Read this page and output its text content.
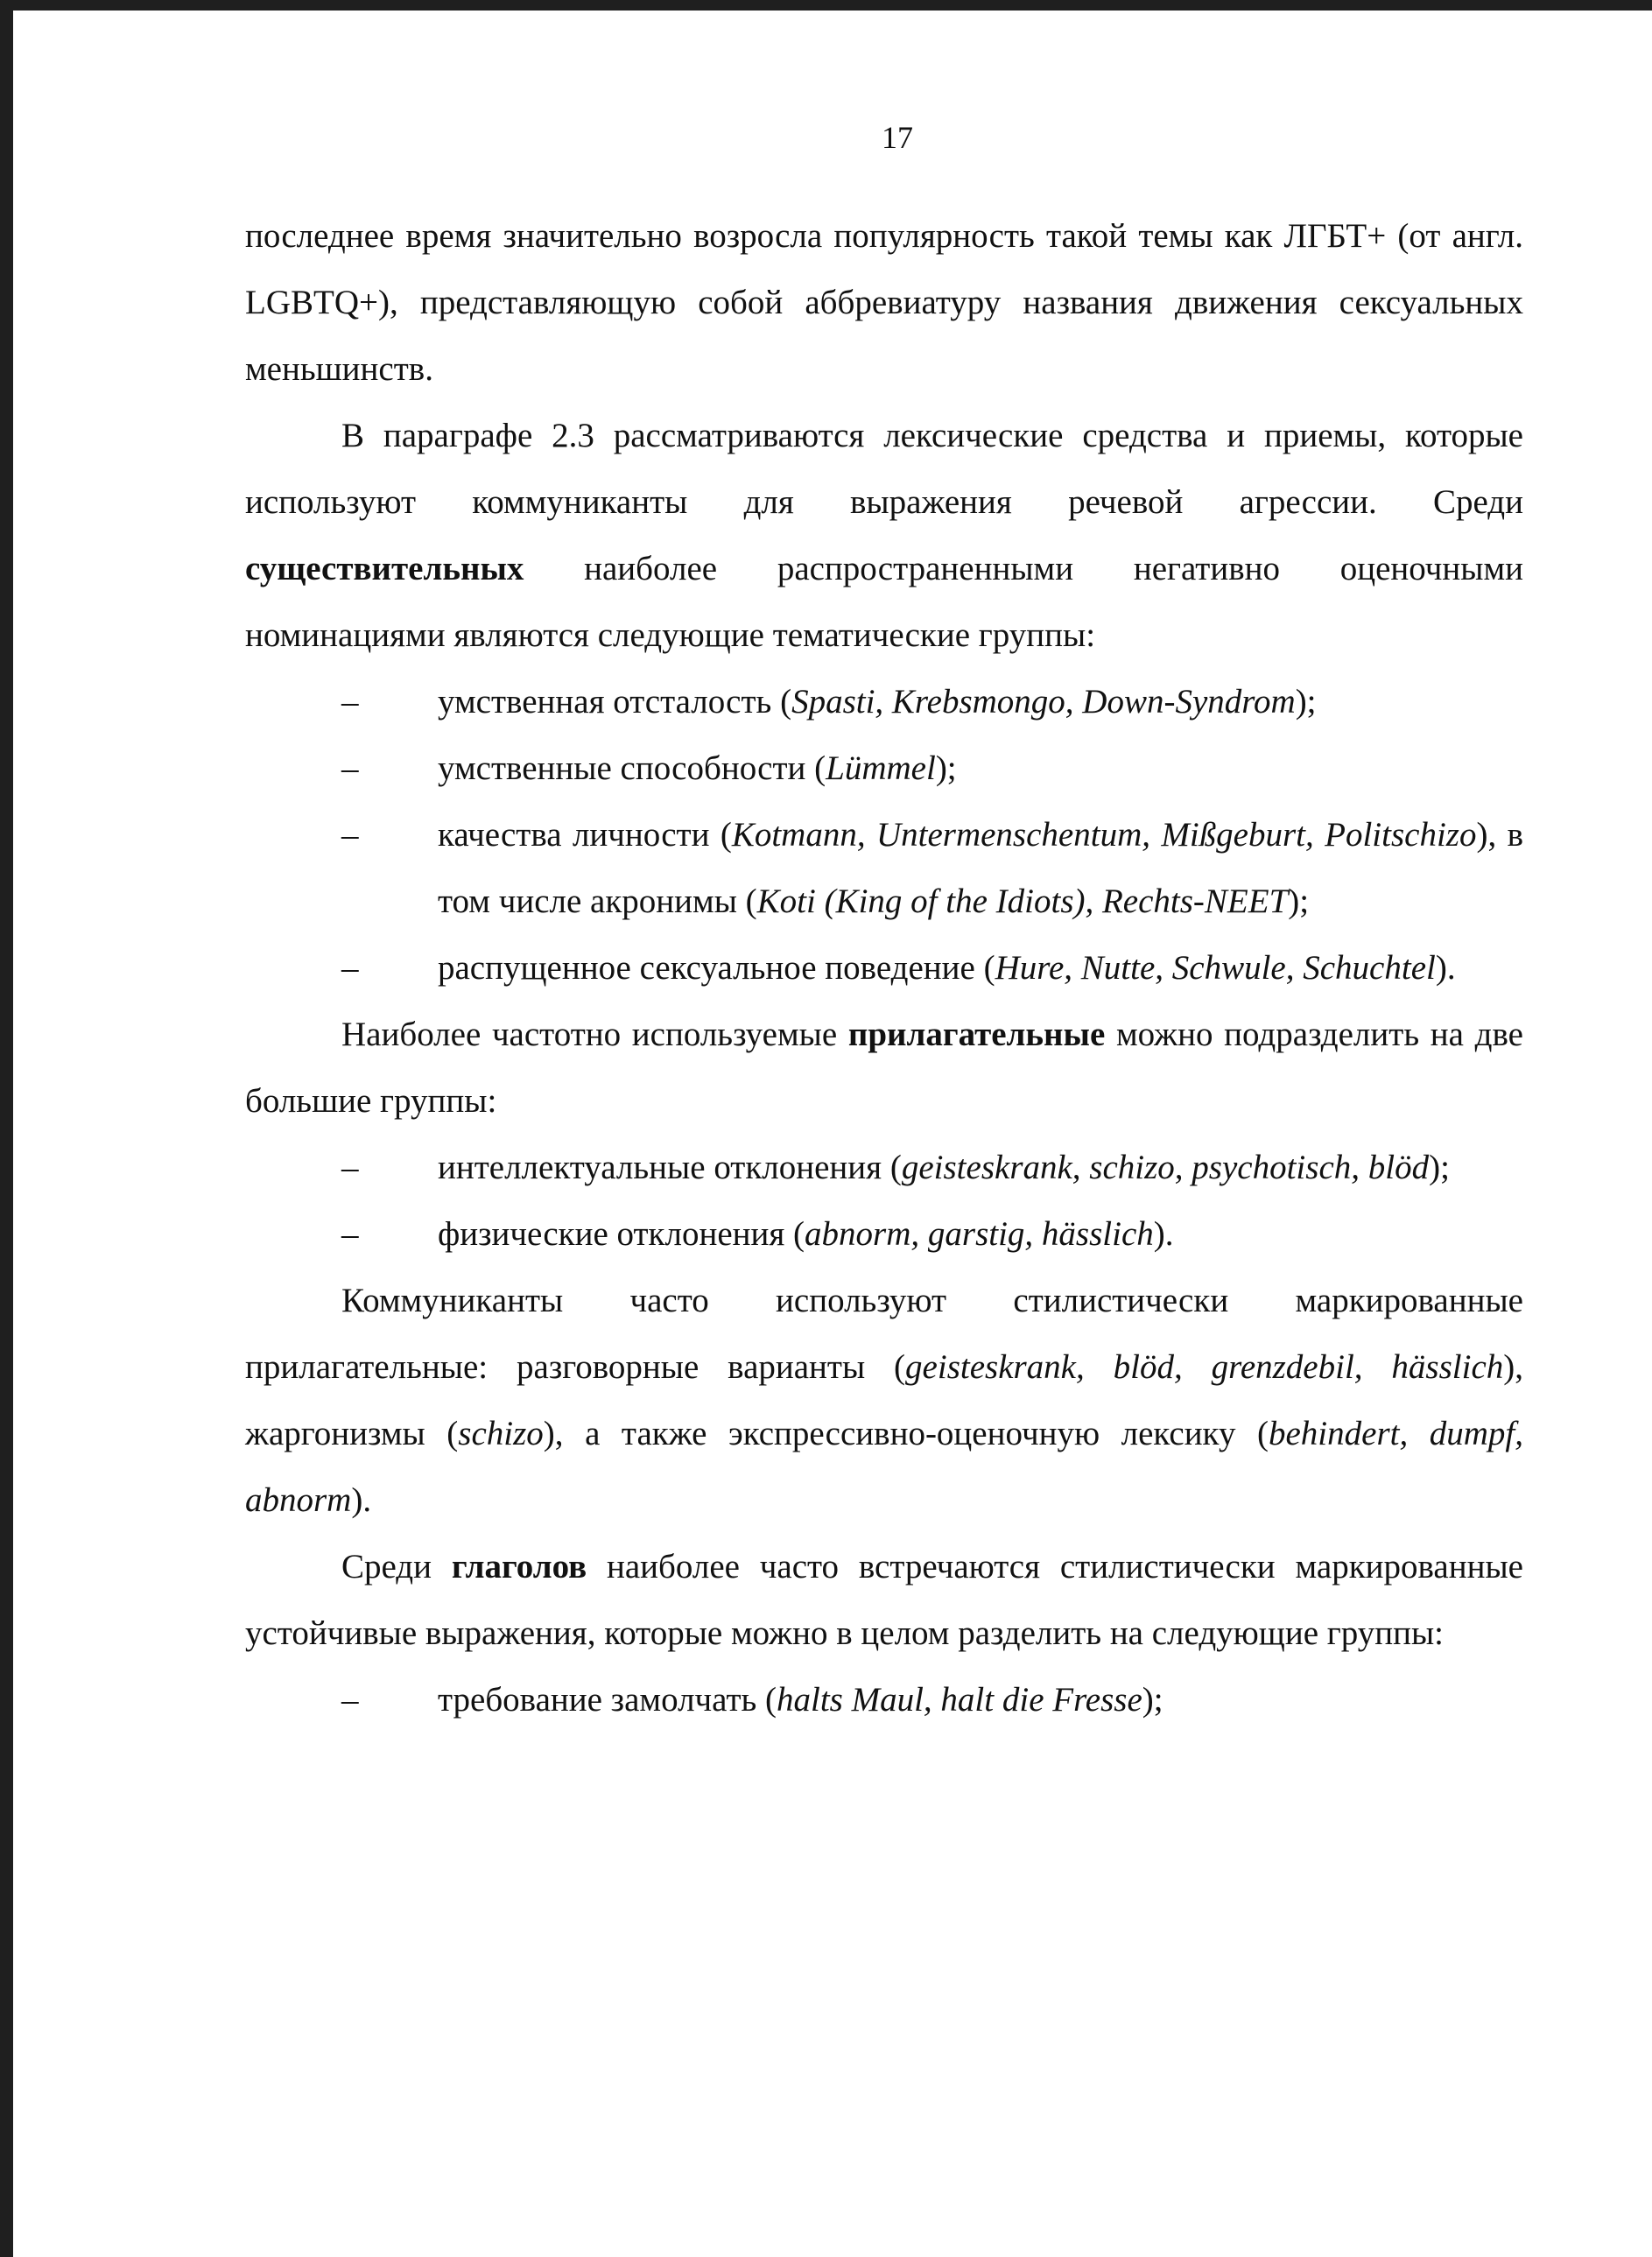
17

последнее время значительно возросла популярность такой темы как ЛГБТ+ (от англ. LGBTQ+), представляющую собой аббревиатуру названия движения сексуальных меньшинств.

В параграфе 2.3 рассматриваются лексические средства и приемы, которые используют коммуниканты для выражения речевой агрессии. Среди существительных наиболее распространенными негативно оценочными номинациями являются следующие тематические группы:

– умственная отсталость (Spasti, Krebsmongo, Down-Syndrom);

– умственные способности (Lümmel);

– качества личности (Kotmann, Untermenschentum, Mißgeburt, Politschizo), в том числе акронимы (Koti (King of the Idiots), Rechts-NEET);

– распущенное сексуальное поведение (Hure, Nutte, Schwule, Schuchtel).

Наиболее частотно используемые прилагательные можно подразделить на две большие группы:

– интеллектуальные отклонения (geisteskrank, schizo, psychotisch, blöd);

– физические отклонения (abnorm, garstig, hässlich).

Коммуниканты часто используют стилистически маркированные прилагательные: разговорные варианты (geisteskrank, blöd, grenzdebil, hässlich), жаргонизмы (schizo), а также экспрессивно-оценочную лексику (behindert, dumpf, abnorm).

Среди глаголов наиболее часто встречаются стилистически маркированные устойчивые выражения, которые можно в целом разделить на следующие группы:

– требование замолчать (halts Maul, halt die Fresse);
